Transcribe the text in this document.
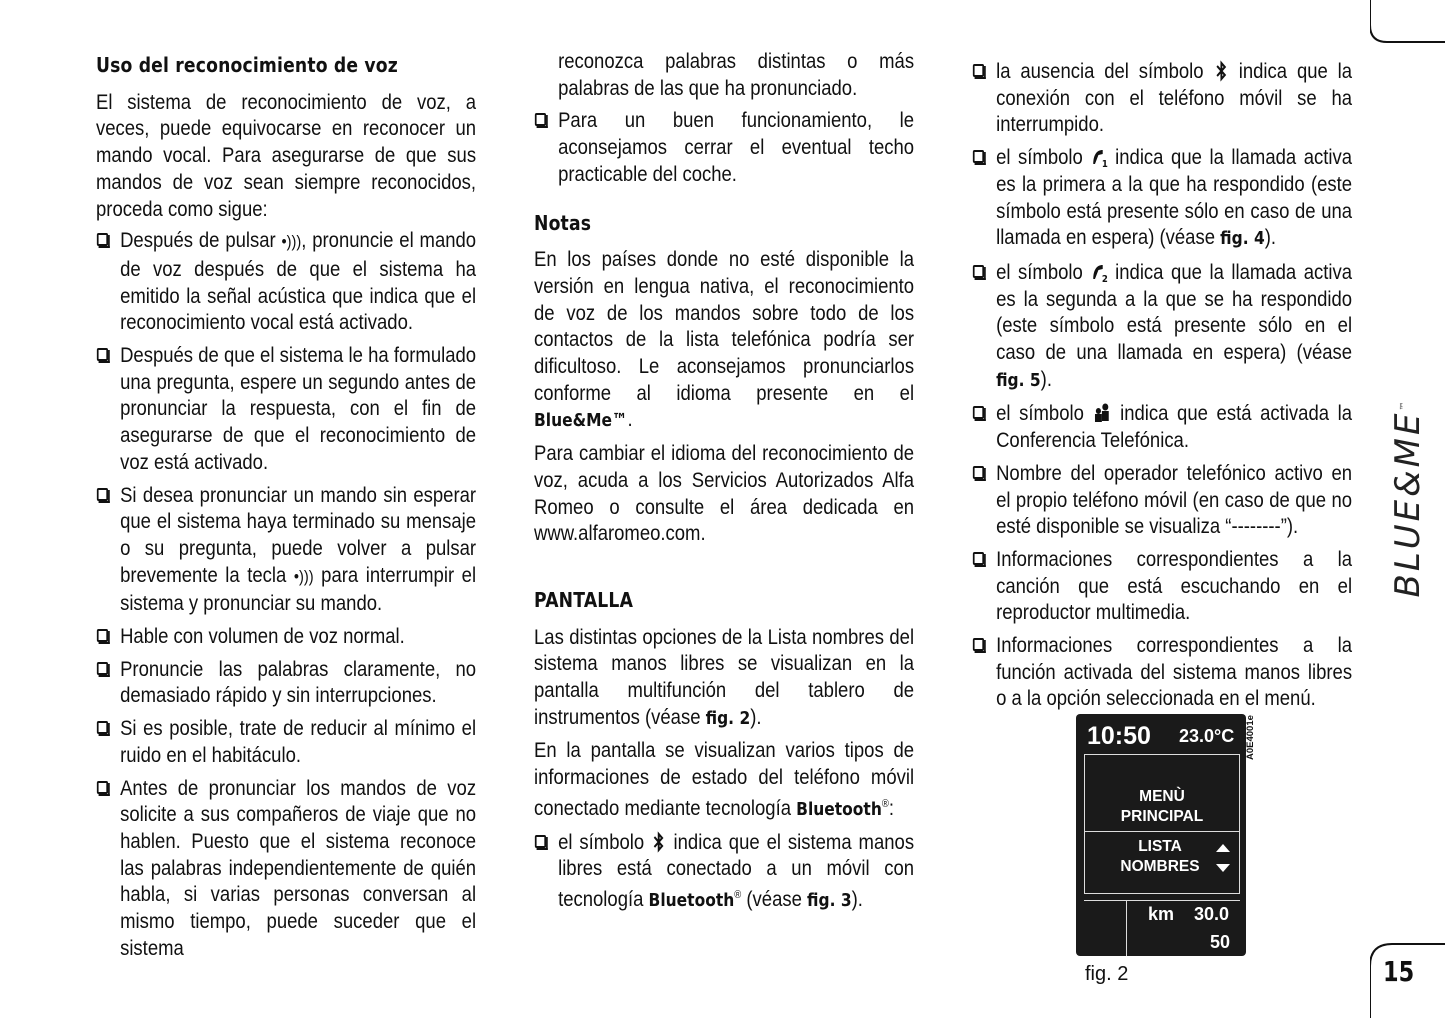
Uso del reconocimiento de voz

El sistema de reconocimiento de voz, a veces, puede equivocarse en reconocer un mando vocal. Para asegurarse de que sus mandos de voz sean siempre reconocidos, proceda como sigue:

Después de pulsar •))), pronuncie el mando de voz después de que el sistema ha emitido la señal acústica que indica que el reconocimiento vocal está activado.
Después de que el sistema le ha formulado una pregunta, espere un segundo antes de pronunciar la respuesta, con el fin de asegurarse de que el reconocimiento de voz está activado.
Si desea pronunciar un mando sin esperar que el sistema haya terminado su mensaje o su pregunta, puede volver a pulsar brevemente la tecla •))) para interrumpir el sistema y pronunciar su mando.
Hable con volumen de voz normal.
Pronuncie las palabras claramente, no demasiado rápido y sin interrupciones.
Si es posible, trate de reducir al mínimo el ruido en el habitáculo.
Antes de pronunciar los mandos de voz solicite a sus compañeros de viaje que no hablen. Puesto que el sistema reconoce las palabras independientemente de quién habla, si varias personas conversan al mismo tiempo, puede suceder que el sistema
reconozca palabras distintas o más palabras de las que ha pronunciado.
Para un buen funcionamiento, le aconsejamos cerrar el eventual techo practicable del coche.
Notas

En los países donde no esté disponible la versión en lengua nativa, el reconocimiento de voz de los mandos sobre todo de los contactos de la lista telefónica podría ser dificultoso. Le aconsejamos pronunciarlos conforme al idioma presente en el Blue&Me™.

Para cambiar el idioma del reconocimiento de voz, acuda a los Servicios Autorizados Alfa Romeo o consulte el área dedicada en www.alfaromeo.com.

PANTALLA

Las distintas opciones de la Lista nombres del sistema manos libres se visualizan en la pantalla multifunción del tablero de instrumentos (véase fig. 2).

En la pantalla se visualizan varios tipos de informaciones de estado del teléfono móvil conectado mediante tecnología Bluetooth®:

el símbolo  indica que el sistema manos libres está conectado a un móvil con tecnología Bluetooth® (véase fig. 3).
la ausencia del símbolo  indica que la conexión con el teléfono móvil se ha interrumpido.
el símbolo 1 indica que la llamada activa es la primera a la que ha respondido (este símbolo está presente sólo en caso de una llamada en espera) (véase fig. 4).
el símbolo 2 indica que la llamada activa es la segunda a la que se ha respondido (este símbolo está presente sólo en el caso de una llamada en espera) (véase fig. 5).
el símbolo  indica que está activada la Conferencia Telefónica.
Nombre del operador telefónico activo en el propio teléfono móvil (en caso de que no esté disponible se visualiza “--------”).
Informaciones correspondientes a la canción que está escuchando en el reproductor multimedia.
Informaciones correspondientes a la función activada del sistema manos libres o a la opción seleccionada en el menú.
10:50 23.0°C
MENÙ
PRINCIPAL
LISTA
NOMBRES
km 30.0
50
A0E4001e
fig. 2
BLUE&ME™
15
